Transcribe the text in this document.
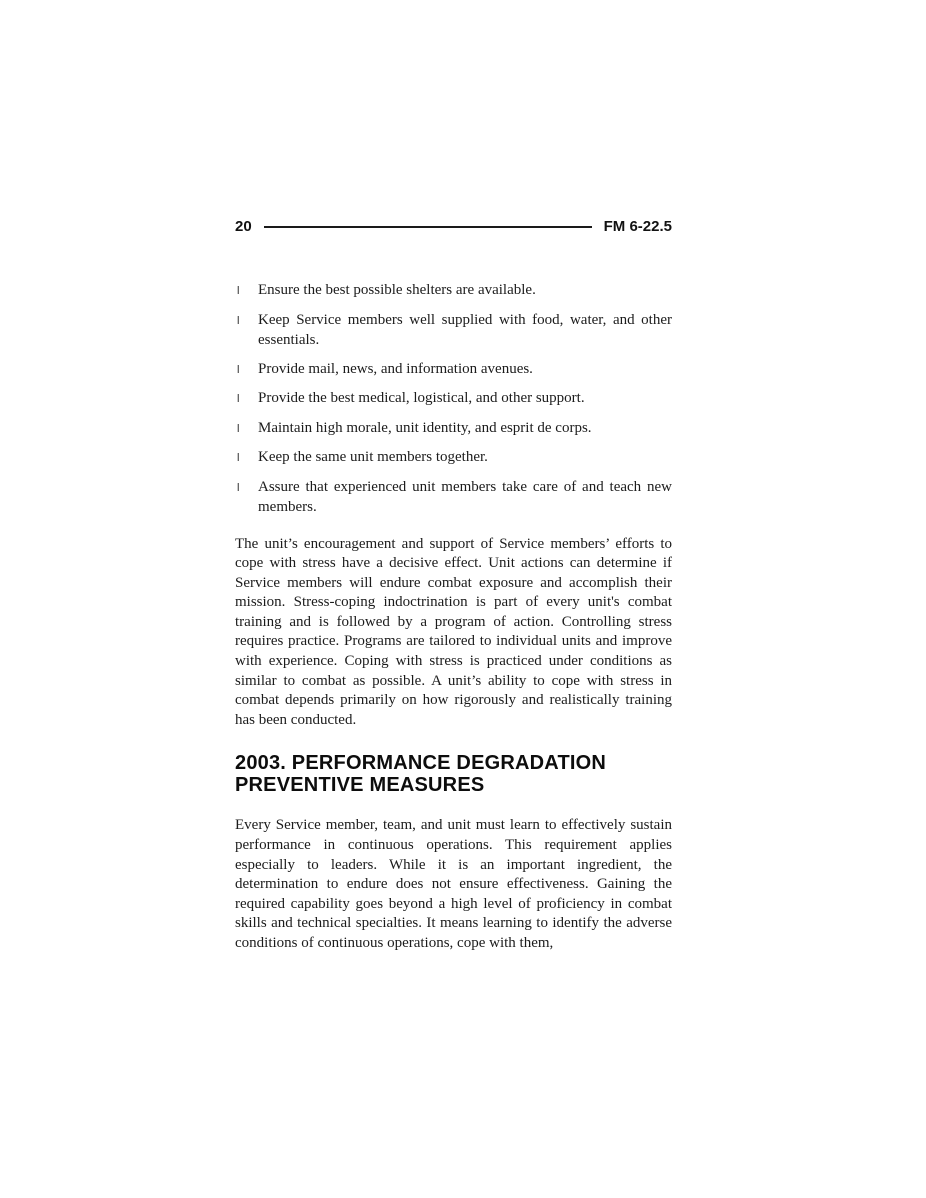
20	FM 6-22.5
l	Ensure the best possible shelters are available.
l	Keep Service members well supplied with food, water, and other essentials.
l	Provide mail, news, and information avenues.
l	Provide the best medical, logistical, and other support.
l	Maintain high morale, unit identity, and esprit de corps.
l	Keep the same unit members together.
l	Assure that experienced unit members take care of and teach new members.

The unit’s encouragement and support of Service members’ efforts to cope with stress have a decisive effect. Unit actions can determine if Service members will endure combat exposure and accomplish their mission. Stress-coping indoctrination is part of every unit's combat training and is followed by a program of action. Controlling stress requires practice. Programs are tailored to individual units and improve with experience. Coping with stress is practiced under conditions as similar to combat as possible. A unit’s ability to cope with stress in combat depends primarily on how rigorously and realistically training has been conducted.

2003. PERFORMANCE DEGRADATION
PREVENTIVE MEASURES

Every Service member, team, and unit must learn to effectively sustain performance in continuous operations. This requirement applies especially to leaders. While it is an important ingredient, the determination to endure does not ensure effectiveness. Gaining the required capability goes beyond a high level of proficiency in combat skills and technical specialties. It means learning to identify the adverse conditions of continuous operations, cope with them,
